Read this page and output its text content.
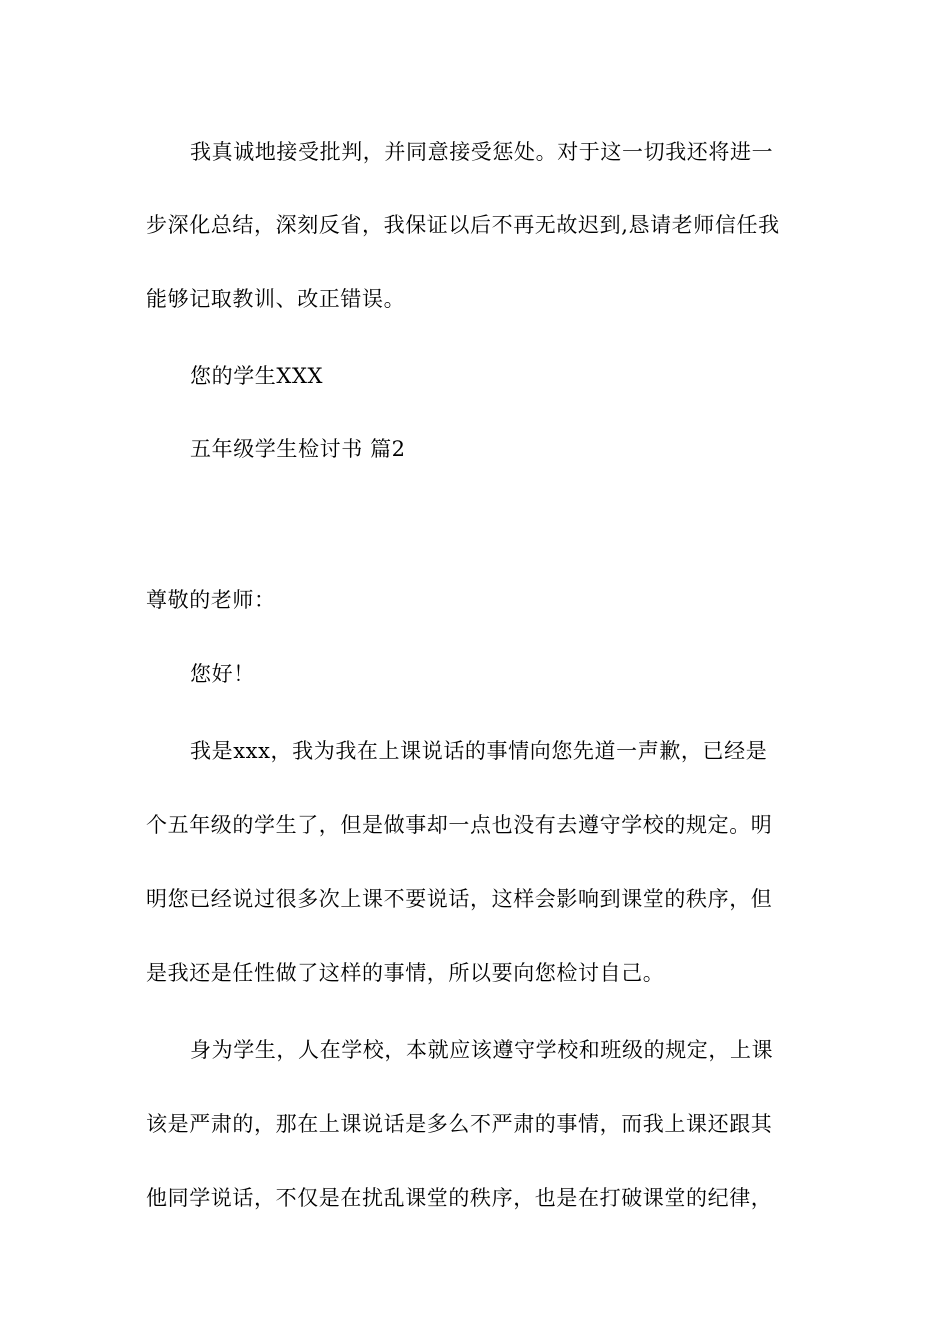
我真诚地接受批判，并同意接受惩处。对于这一切我还将进一
步深化总结，深刻反省，我保证以后不再无故迟到,恳请老师信任我
能够记取教训、改正错误。
您的学生XXX
五年级学生检讨书 篇2
尊敬的老师：
您好！
我是xxx，我为我在上课说话的事情向您先道一声歉，已经是
个五年级的学生了，但是做事却一点也没有去遵守学校的规定。明
明您已经说过很多次上课不要说话，这样会影响到课堂的秩序，但
是我还是任性做了这样的事情，所以要向您检讨自己。
身为学生，人在学校，本就应该遵守学校和班级的规定，上课
该是严肃的，那在上课说话是多么不严肃的事情，而我上课还跟其
他同学说话，不仅是在扰乱课堂的秩序，也是在打破课堂的纪律，
